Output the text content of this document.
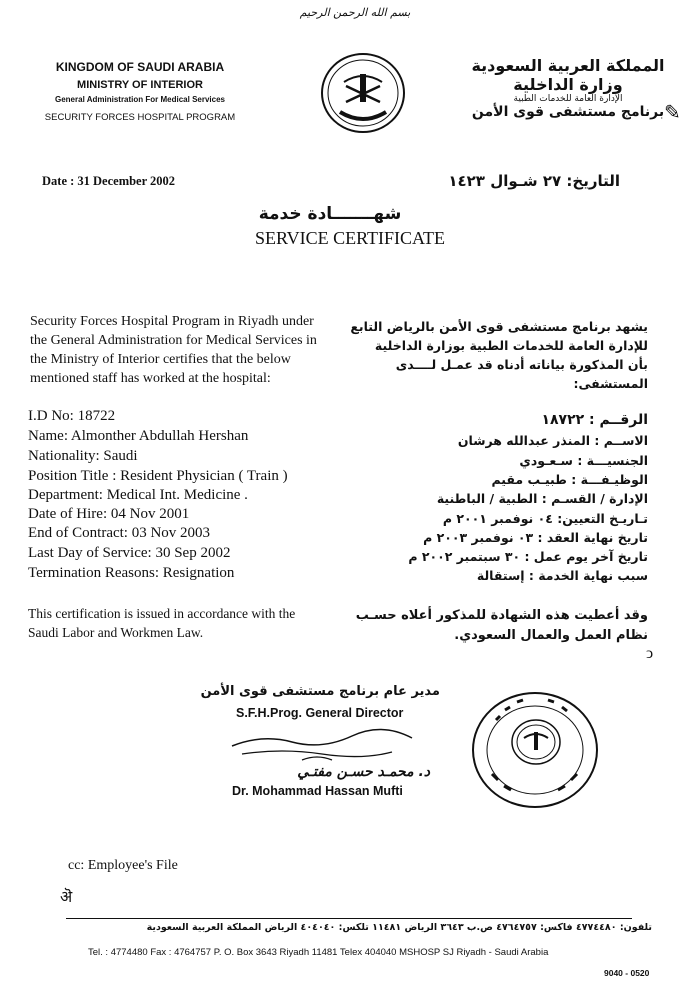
بسم الله الرحمن الرحيم
KINGDOM OF SAUDI ARABIA
MINISTRY OF INTERIOR
General Administration For Medical Services
SECURITY FORCES HOSPITAL PROGRAM
المملكة العربية السعودية
وزارة الداخلية
الإدارة العامة للخدمات الطبية
برنامج مستشفى قوى الأمن ✎
Date : 31 December 2002	التاريخ: ٢٧ شـوال ١٤٢٣
شهـــــــادة خدمة
SERVICE CERTIFICATE
Security Forces Hospital Program in Riyadh under
the General Administration for Medical Services in
the Ministry of Interior certifies that the below
mentioned staff has worked at the hospital:
يشهد برنامج مستشفى قوى الأمن بالرياض التابع
للإدارة العامة للخدمات الطبية بوزارة الداخلية
بأن المذكورة بياناته أدناه قد عمـل لــــدى
المستشفى:
I.D No: 18722
Name: Almonther Abdullah Hershan
Nationality: Saudi
Position Title : Resident Physician ( Train )
Department: Medical Int. Medicine .
Date of Hire: 04 Nov 2001
End of Contract: 03 Nov 2003
Last Day of Service: 30 Sep 2002
Termination Reasons: Resignation
الرقــم : ١٨٧٢٢
الاســم : المنذر عبدالله هرشان
الجنسيـــة : سـعـودي
الوظيـفـــة : طبيـب مقيم
الإدارة / القسـم : الطبية / الباطنية
تـاريـخ التعيين: ٠٤ نوفمبر ٢٠٠١ م
تاريخ نهاية العقد : ٠٣ نوفمبر ٢٠٠٣ م
تاريخ آخر يوم عمل : ٣٠ سبتمبر ٢٠٠٢ م
سبب نهاية الخدمة : إستقالة
This certification is issued in accordance with the
Saudi Labor and Workmen Law.
وقد أعطيت هذه الشهادة للمذكور أعلاه حسـب
نظام العمل والعمال السعودي.
ↄ
مدير عام برنامج مستشفى قوى الأمن
S.F.H.Prog. General Director
د. محمـد حسـن مفتـي
Dr. Mohammad Hassan Mufti
cc: Employee's File
ऄ
تلفون: ٤٧٧٤٤٨٠ فاكس: ٤٧٦٤٧٥٧ ص.ب ٣٦٤٣ الرياض ١١٤٨١ تلكس: ٤٠٤٠٤٠ الرياض المملكة العربية السعودية
Tel. : 4774480 Fax : 4764757 P. O. Box 3643 Riyadh 11481 Telex 404040 MSHOSP SJ Riyadh - Saudi Arabia
9040 - 0520
